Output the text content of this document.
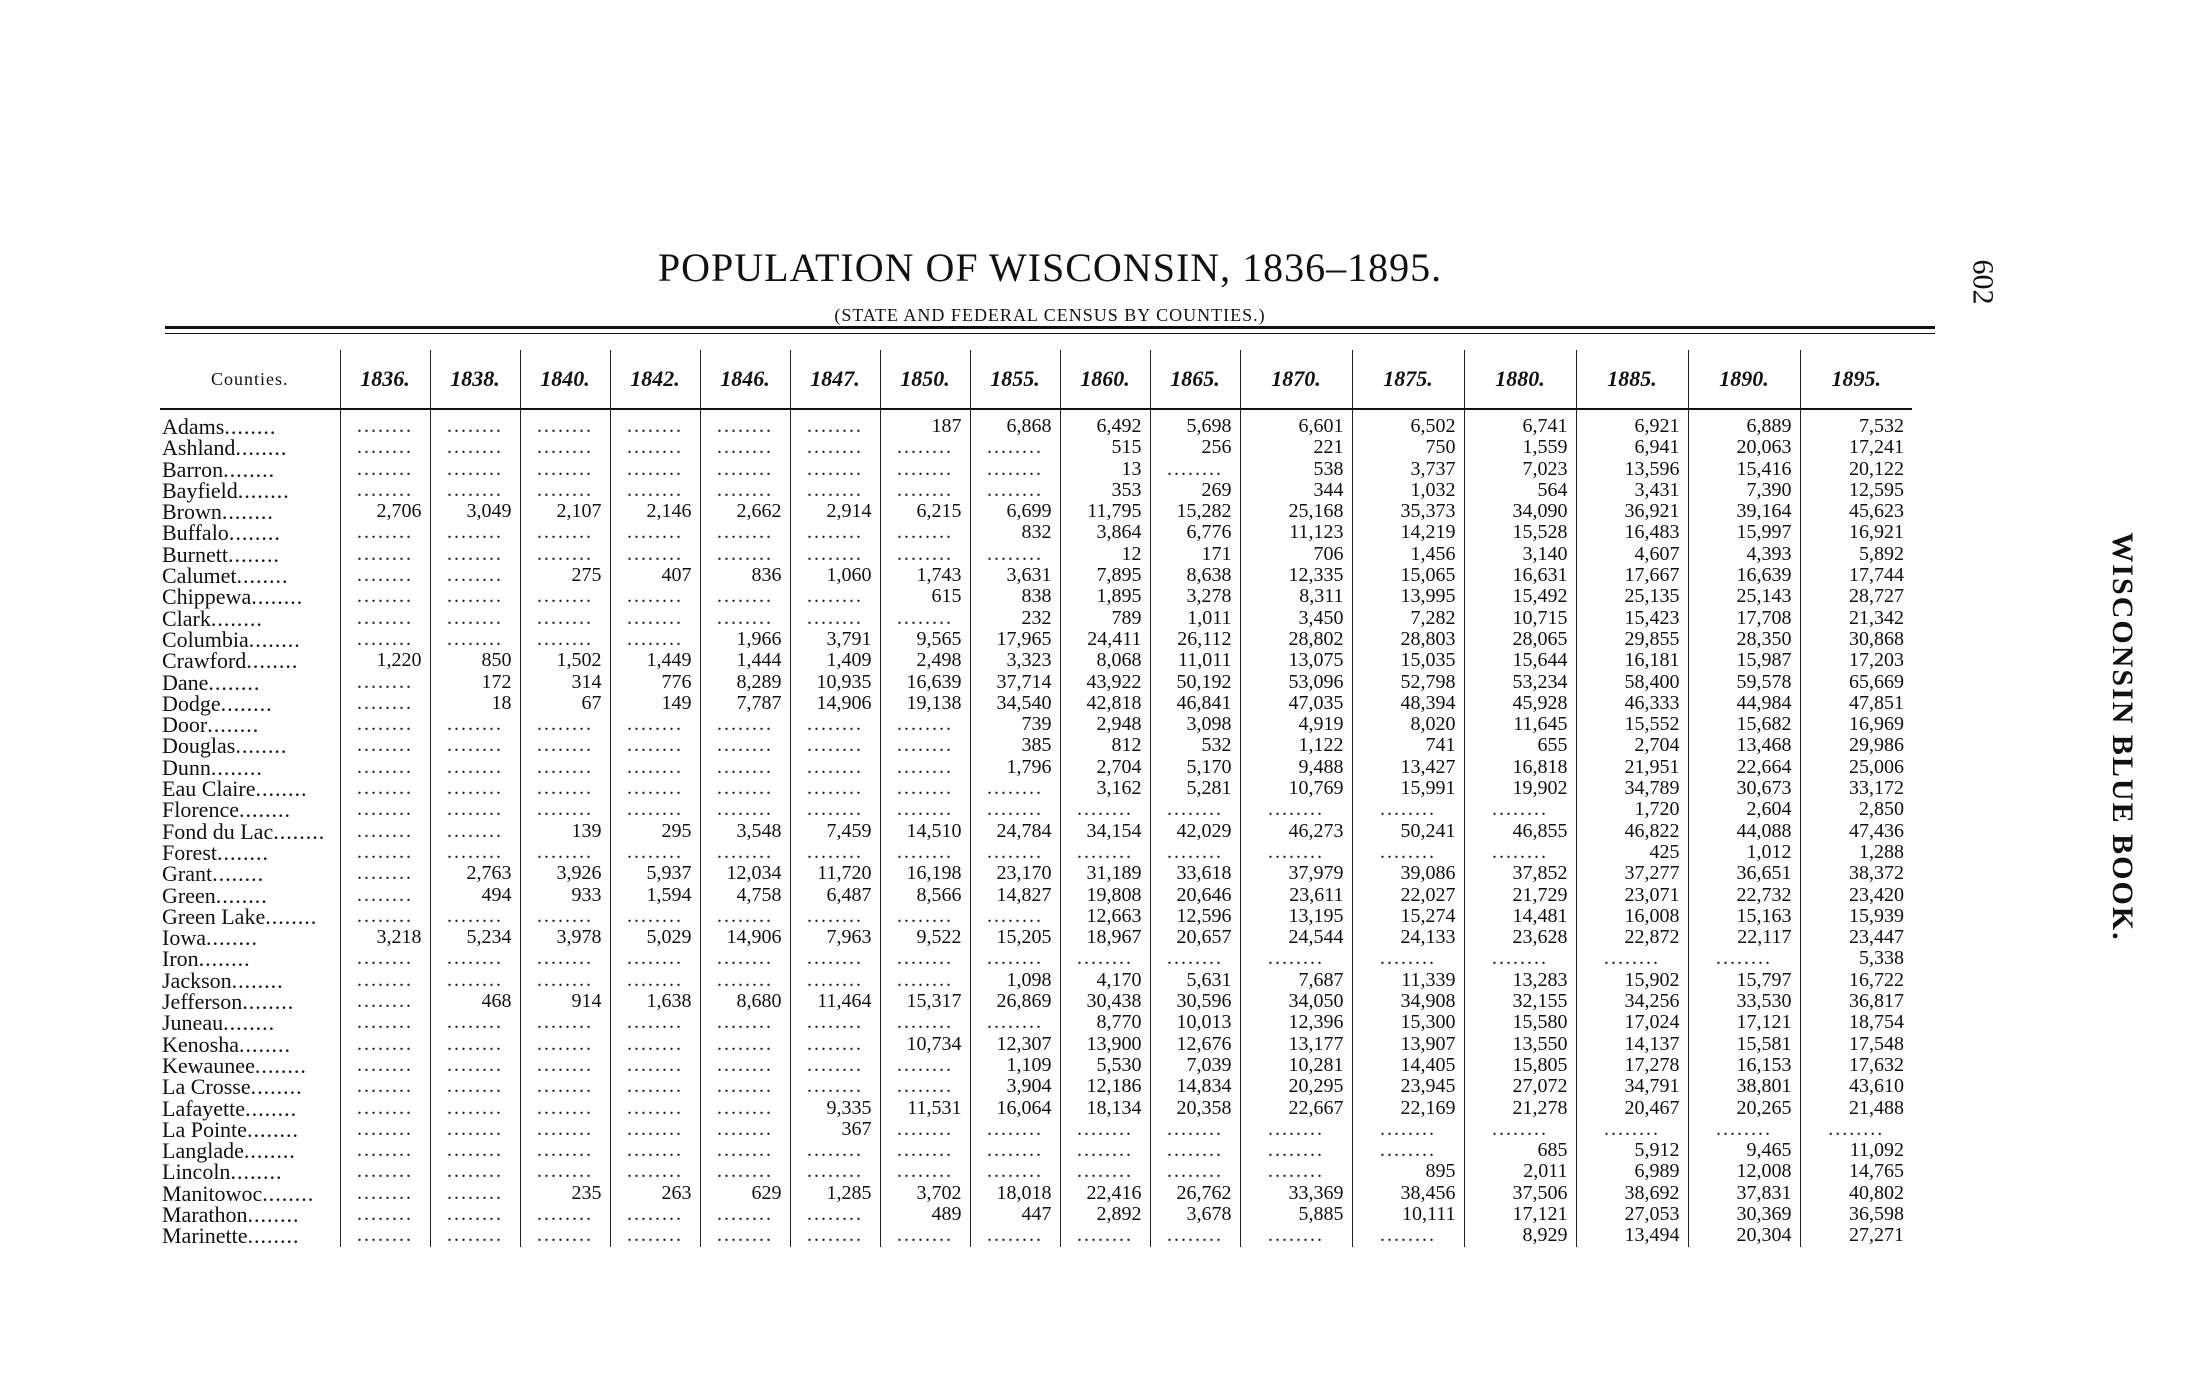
POPULATION OF WISCONSIN, 1836–1895.
(STATE AND FEDERAL CENSUS BY COUNTIES.)
602
WISCONSIN BLUE BOOK.
Counties.	1836.	1838.	1840.	1842.	1846.	1847.	1850.	1855.	1860.	1865.	1870.	1875.	1880.	1885.	1890.	1895.
Adams ........	........	........	........	........	........	........	187	6,868	6,492	5,698	6,601	6,502	6,741	6,921	6,889	7,532
Ashland ........	........	........	........	........	........	........	........	........	515	256	221	750	1,559	6,941	20,063	17,241
Barron ........	........	........	........	........	........	........	........	........	13	........	538	3,737	7,023	13,596	15,416	20,122
Bayfield ........	........	........	........	........	........	........	........	........	353	269	344	1,032	564	3,431	7,390	12,595
Brown ........	2,706	3,049	2,107	2,146	2,662	2,914	6,215	6,699	11,795	15,282	25,168	35,373	34,090	36,921	39,164	45,623
Buffalo ........	........	........	........	........	........	........	........	832	3,864	6,776	11,123	14,219	15,528	16,483	15,997	16,921
Burnett ........	........	........	........	........	........	........	........	........	12	171	706	1,456	3,140	4,607	4,393	5,892
Calumet ........	........	........	275	407	836	1,060	1,743	3,631	7,895	8,638	12,335	15,065	16,631	17,667	16,639	17,744
Chippewa ........	........	........	........	........	........	........	615	838	1,895	3,278	8,311	13,995	15,492	25,135	25,143	28,727
Clark ........	........	........	........	........	........	........	........	232	789	1,011	3,450	7,282	10,715	15,423	17,708	21,342
Columbia ........	........	........	........	........	1,966	3,791	9,565	17,965	24,411	26,112	28,802	28,803	28,065	29,855	28,350	30,868
Crawford ........	1,220	850	1,502	1,449	1,444	1,409	2,498	3,323	8,068	11,011	13,075	15,035	15,644	16,181	15,987	17,203
Dane ........	........	172	314	776	8,289	10,935	16,639	37,714	43,922	50,192	53,096	52,798	53,234	58,400	59,578	65,669
Dodge ........	........	18	67	149	7,787	14,906	19,138	34,540	42,818	46,841	47,035	48,394	45,928	46,333	44,984	47,851
Door ........	........	........	........	........	........	........	........	739	2,948	3,098	4,919	8,020	11,645	15,552	15,682	16,969
Douglas ........	........	........	........	........	........	........	........	385	812	532	1,122	741	655	2,704	13,468	29,986
Dunn ........	........	........	........	........	........	........	........	1,796	2,704	5,170	9,488	13,427	16,818	21,951	22,664	25,006
Eau Claire ........	........	........	........	........	........	........	........	........	3,162	5,281	10,769	15,991	19,902	34,789	30,673	33,172
Florence ........	........	........	........	........	........	........	........	........	........	........	........	........	........	1,720	2,604	2,850
Fond du Lac ........	........	........	139	295	3,548	7,459	14,510	24,784	34,154	42,029	46,273	50,241	46,855	46,822	44,088	47,436
Forest ........	........	........	........	........	........	........	........	........	........	........	........	........	........	425	1,012	1,288
Grant ........	........	2,763	3,926	5,937	12,034	11,720	16,198	23,170	31,189	33,618	37,979	39,086	37,852	37,277	36,651	38,372
Green ........	........	494	933	1,594	4,758	6,487	8,566	14,827	19,808	20,646	23,611	22,027	21,729	23,071	22,732	23,420
Green Lake ........	........	........	........	........	........	........	........	........	12,663	12,596	13,195	15,274	14,481	16,008	15,163	15,939
Iowa ........	3,218	5,234	3,978	5,029	14,906	7,963	9,522	15,205	18,967	20,657	24,544	24,133	23,628	22,872	22,117	23,447
Iron ........	........	........	........	........	........	........	........	........	........	........	........	........	........	........	........	5,338
Jackson ........	........	........	........	........	........	........	........	1,098	4,170	5,631	7,687	11,339	13,283	15,902	15,797	16,722
Jefferson ........	........	468	914	1,638	8,680	11,464	15,317	26,869	30,438	30,596	34,050	34,908	32,155	34,256	33,530	36,817
Juneau ........	........	........	........	........	........	........	........	........	8,770	10,013	12,396	15,300	15,580	17,024	17,121	18,754
Kenosha ........	........	........	........	........	........	........	10,734	12,307	13,900	12,676	13,177	13,907	13,550	14,137	15,581	17,548
Kewaunee ........	........	........	........	........	........	........	........	1,109	5,530	7,039	10,281	14,405	15,805	17,278	16,153	17,632
La Crosse ........	........	........	........	........	........	........	........	3,904	12,186	14,834	20,295	23,945	27,072	34,791	38,801	43,610
Lafayette ........	........	........	........	........	........	9,335	11,531	16,064	18,134	20,358	22,667	22,169	21,278	20,467	20,265	21,488
La Pointe ........	........	........	........	........	........	367	........	........	........	........	........	........	........	........	........	........
Langlade ........	........	........	........	........	........	........	........	........	........	........	........	........	685	5,912	9,465	11,092
Lincoln ........	........	........	........	........	........	........	........	........	........	........	........	895	2,011	6,989	12,008	14,765
Manitowoc ........	........	........	235	263	629	1,285	3,702	18,018	22,416	26,762	33,369	38,456	37,506	38,692	37,831	40,802
Marathon ........	........	........	........	........	........	........	489	447	2,892	3,678	5,885	10,111	17,121	27,053	30,369	36,598
Marinette ........	........	........	........	........	........	........	........	........	........	........	........	........	8,929	13,494	20,304	27,271
